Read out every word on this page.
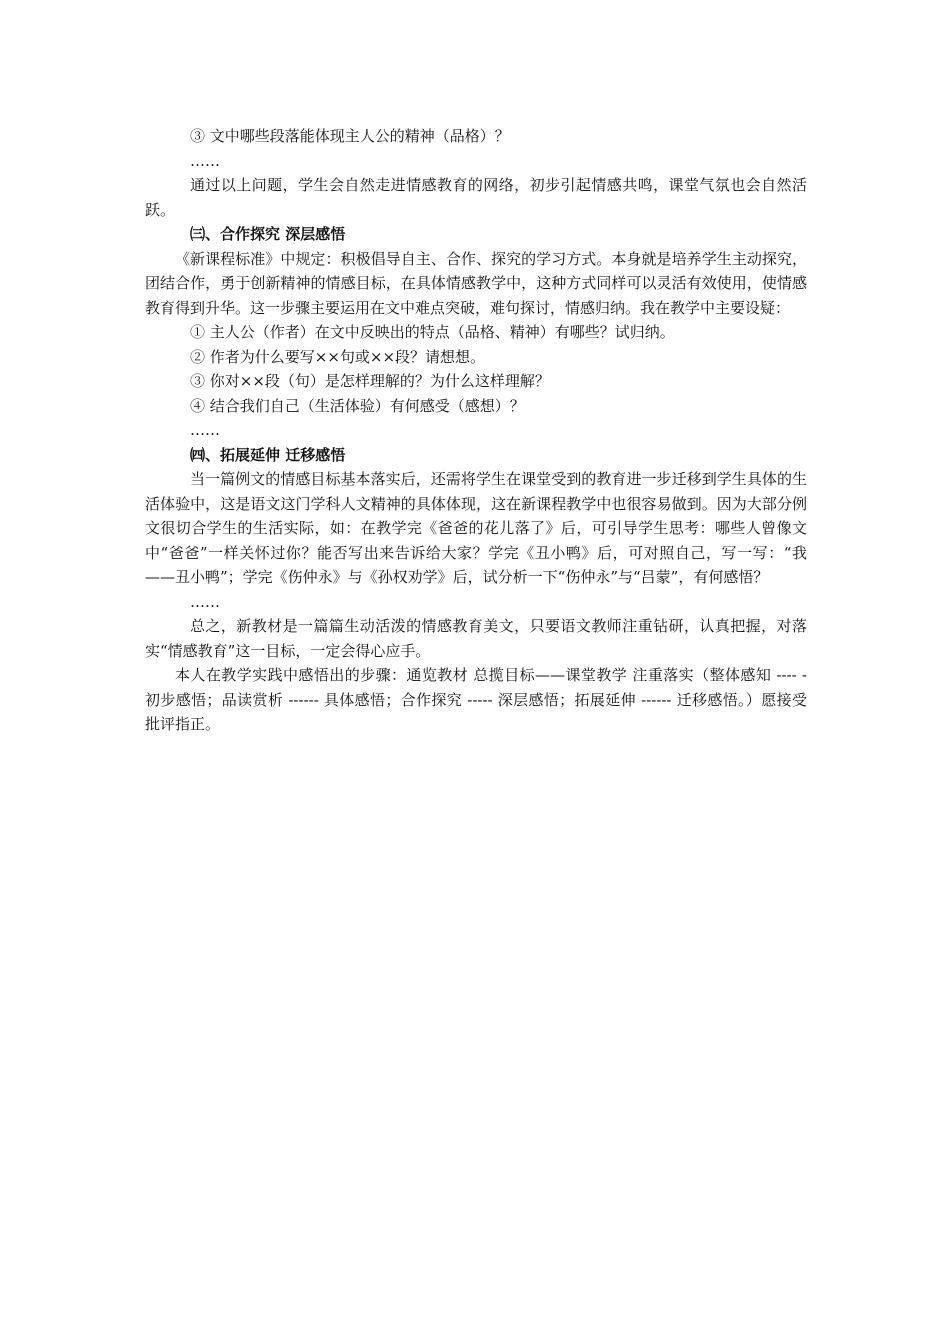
③ 文中哪些段落能体现主人公的精神（品格）？

……

通过以上问题，学生会自然走进情感教育的网络，初步引起情感共鸣，课堂气氛也会自然活跃。

㈢、合作探究 深层感悟

《新课程标准》中规定：积极倡导自主、合作、探究的学习方式。本身就是培养学生主动探究，团结合作，勇于创新精神的情感目标，在具体情感教学中，这种方式同样可以灵活有效使用，使情感教育得到升华。这一步骤主要运用在文中难点突破，难句探讨，情感归纳。我在教学中主要设疑：

① 主人公（作者）在文中反映出的特点（品格、精神）有哪些？试归纳。

② 作者为什么要写××句或××段？请想想。

③ 你对××段（句）是怎样理解的？为什么这样理解？

④ 结合我们自己（生活体验）有何感受（感想）？

……

㈣、拓展延伸 迁移感悟

当一篇例文的情感目标基本落实后，还需将学生在课堂受到的教育进一步迁移到学生具体的生活体验中，这是语文这门学科人文精神的具体体现，这在新课程教学中也很容易做到。因为大部分例文很切合学生的生活实际，如：在教学完《爸爸的花儿落了》后，可引导学生思考：哪些人曾像文中“爸爸”一样关怀过你？能否写出来告诉给大家？学完《丑小鸭》后，可对照自己，写一写：“我——丑小鸭”；学完《伤仲永》与《孙权劝学》后，试分析一下“伤仲永”与“吕蒙”，有何感悟？

……

总之，新教材是一篇篇生动活泼的情感教育美文，只要语文教师注重钻研，认真把握，对落实“情感教育”这一目标，一定会得心应手。

本人在教学实践中感悟出的步骤：通览教材 总揽目标——课堂教学 注重落实（整体感知 ---- - 初步感悟；品读赏析 ------ 具体感悟；合作探究 ----- 深层感悟；拓展延伸 ------ 迁移感悟。）愿接受批评指正。
